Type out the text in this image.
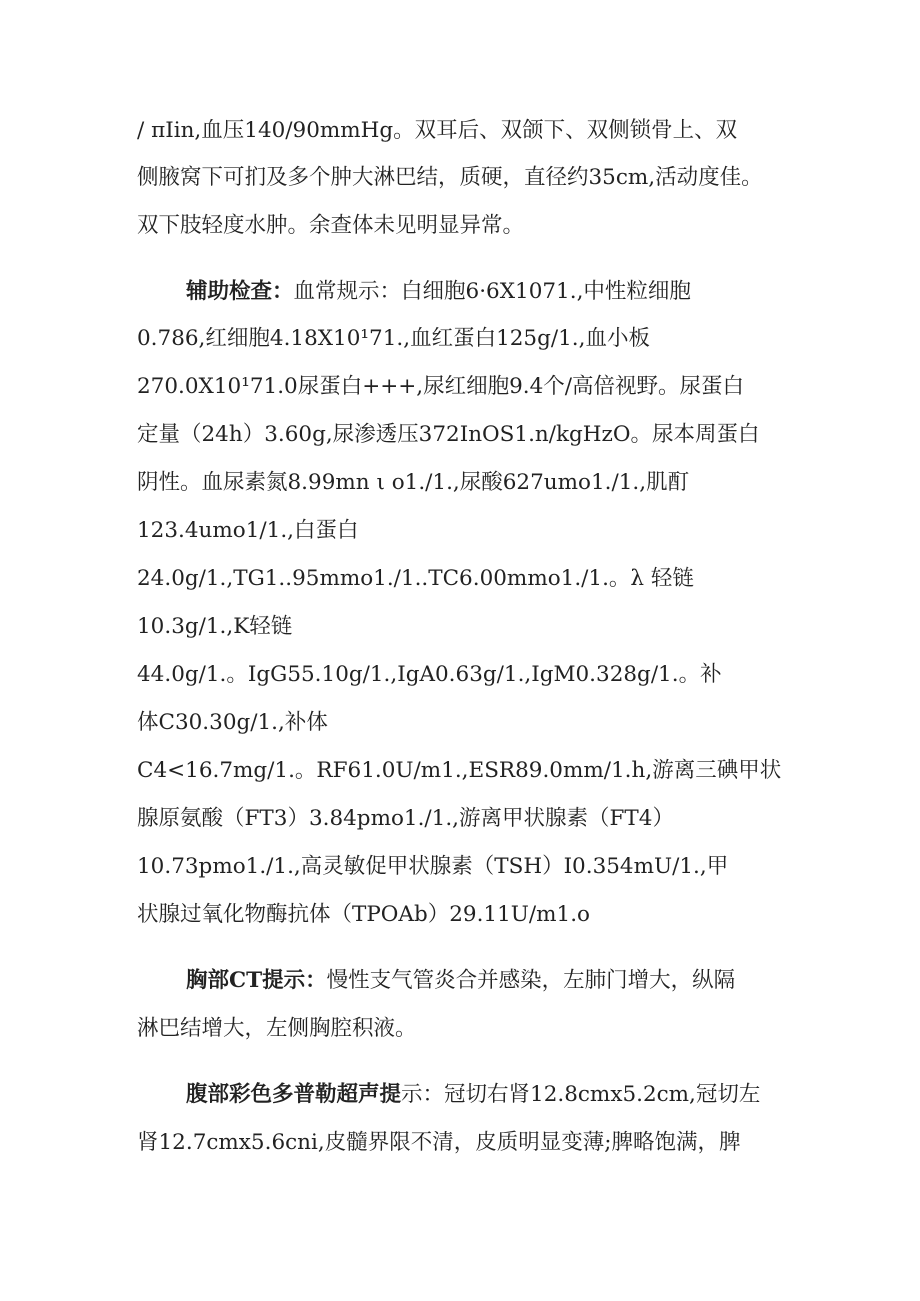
/ πIin,血压140/90mmHg。双耳后、双颌下、双侧锁骨上、双
侧腋窝下可扪及多个肿大淋巴结，质硬，直径约35cm,活动度佳。
双下肢轻度水肿。余查体未见明显异常。
辅助检查：血常规示：白细胞6·6X1071.,中性粒细胞
0.786,红细胞4.18X10¹71.,血红蛋白125g/1.,血小板
270.0X10¹71.0尿蛋白+++,尿红细胞9.4个/高倍视野。尿蛋白
定量（24h）3.60g,尿渗透压372InOS1.n/kgHzO。尿本周蛋白
阴性。血尿素氮8.99mn ι o1./1.,尿酸627umo1./1.,肌酊
123.4umo1/1.,白蛋白
24.0g/1.,TG1..95mmo1./1..TC6.00mmo1./1.。λ 轻链
10.3g/1.,K轻链
44.0g/1.。IgG55.10g/1.,IgA0.63g/1.,IgM0.328g/1.。补
体C30.30g/1.,补体
C4<16.7mg/1.。RF61.0U/m1.,ESR89.0mm/1.h,游离三碘甲状
腺原氨酸（FT3）3.84pmo1./1.,游离甲状腺素（FT4）
10.73pmo1./1.,高灵敏促甲状腺素（TSH）I0.354mU/1.,甲
状腺过氧化物酶抗体（TPOAb）29.11U/m1.o
胸部CT提示：慢性支气管炎合并感染，左肺门增大，纵隔
淋巴结增大，左侧胸腔积液。
腹部彩色多普勒超声提示：冠切右肾12.8cmx5.2cm,冠切左
肾12.7cmx5.6cni,皮髓界限不清，皮质明显变薄;脾略饱满，脾
